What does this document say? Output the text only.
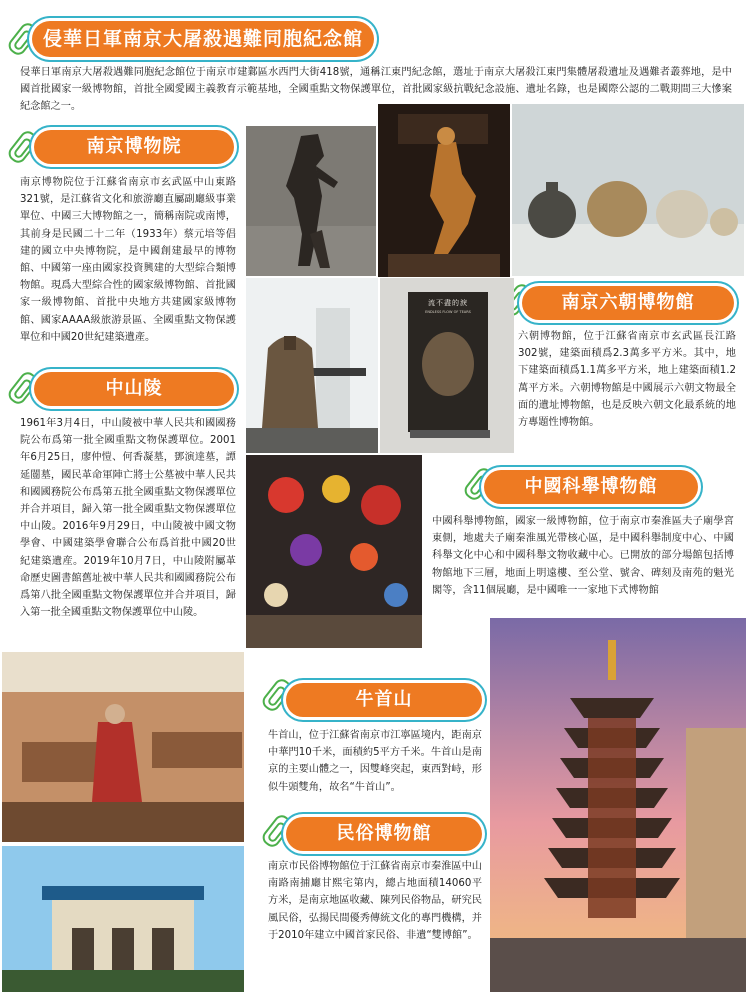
侵華日軍南京大屠殺遇難同胞紀念館
侵華日軍南京大屠殺遇難同胞紀念館位于南京市建鄴區水西門大街418號，通稱江東門紀念館，選址于南京大屠殺江東門集體屠殺遺址及遇難者叢葬地，是中國首批國家一級博物館，首批全國愛國主義教育示範基地，全國重點文物保護單位，首批國家級抗戰紀念設施、遺址名錄，也是國際公認的二戰期間三大慘案紀念館之一。
南京博物院
南京博物院位于江蘇省南京市玄武區中山東路321號，是江蘇省文化和旅游廳直屬副廳級事業單位、中國三大博物館之一，簡稱南院或南博，其前身是民國二十二年（1933年）蔡元培等倡建的國立中央博物院，是中國創建最早的博物館、中國第一座由國家投資興建的大型綜合類博物館。現爲大型綜合性的國家級博物館、首批國家一級博物館、首批中央地方共建國家級博物館、國家AAAA級旅游景區、全國重點文物保護單位和中國20世紀建築遺產。
中山陵
1961年3月4日，中山陵被中華人民共和國國務院公布爲第一批全國重點文物保護單位。2001年6月25日，廖仲愷、何香凝墓，鄧演達墓，譚延闓墓，國民革命軍陣亡將士公墓被中華人民共和國國務院公布爲第五批全國重點文物保護單位并合并項目，歸入第一批全國重點文物保護單位中山陵。2016年9月29日，中山陵被中國文物學會、中國建築學會聯合公布爲首批中國20世紀建築遺産。2019年10月7日，中山陵附屬革命歷史圖書館舊址被中華人民共和國國務院公布爲第八批全國重點文物保護單位并合并項目，歸入第一批全國重點文物保護單位中山陵。
南京六朝博物館
六朝博物館，位于江蘇省南京市玄武區長江路302號，建築面積爲2.3萬多平方米。其中，地下建築面積爲1.1萬多平方米，地上建築面積1.2萬平方米。六朝博物館是中國展示六朝文物最全面的遺址博物館，也是反映六朝文化最系統的地方專題性博物館。
中國科舉博物館
中國科舉博物館，國家一級博物館，位于南京市秦淮區夫子廟學宮東側，地處夫子廟秦淮風光帶核心區，是中國科舉制度中心、中國科舉文化中心和中國科舉文物收藏中心。已開放的部分場館包括博物館地下三層，地面上明遠樓、至公堂、號舍、碑刻及南苑的魁光閣等，含11個展廳，是中國唯一一家地下式博物館
牛首山
牛首山，位于江蘇省南京市江寧區境内，距南京中華門10千米，面積約5平方千米。牛首山是南京的主要山體之一，因雙峰突起，東西對峙，形似牛頭雙角，故名“牛首山”。
民俗博物館
南京市民俗博物館位于江蘇省南京市秦淮區中山南路南捕廳甘熙宅第内，總占地面積14060平方米，是南京地區收藏、陳列民俗物品，研究民風民俗，弘揚民間優秀傳統文化的專門機構，并于2010年建立中國首家民俗、非遺“雙博館”。
流不盡的淚
ENDLESS FLOW OF TEARS
